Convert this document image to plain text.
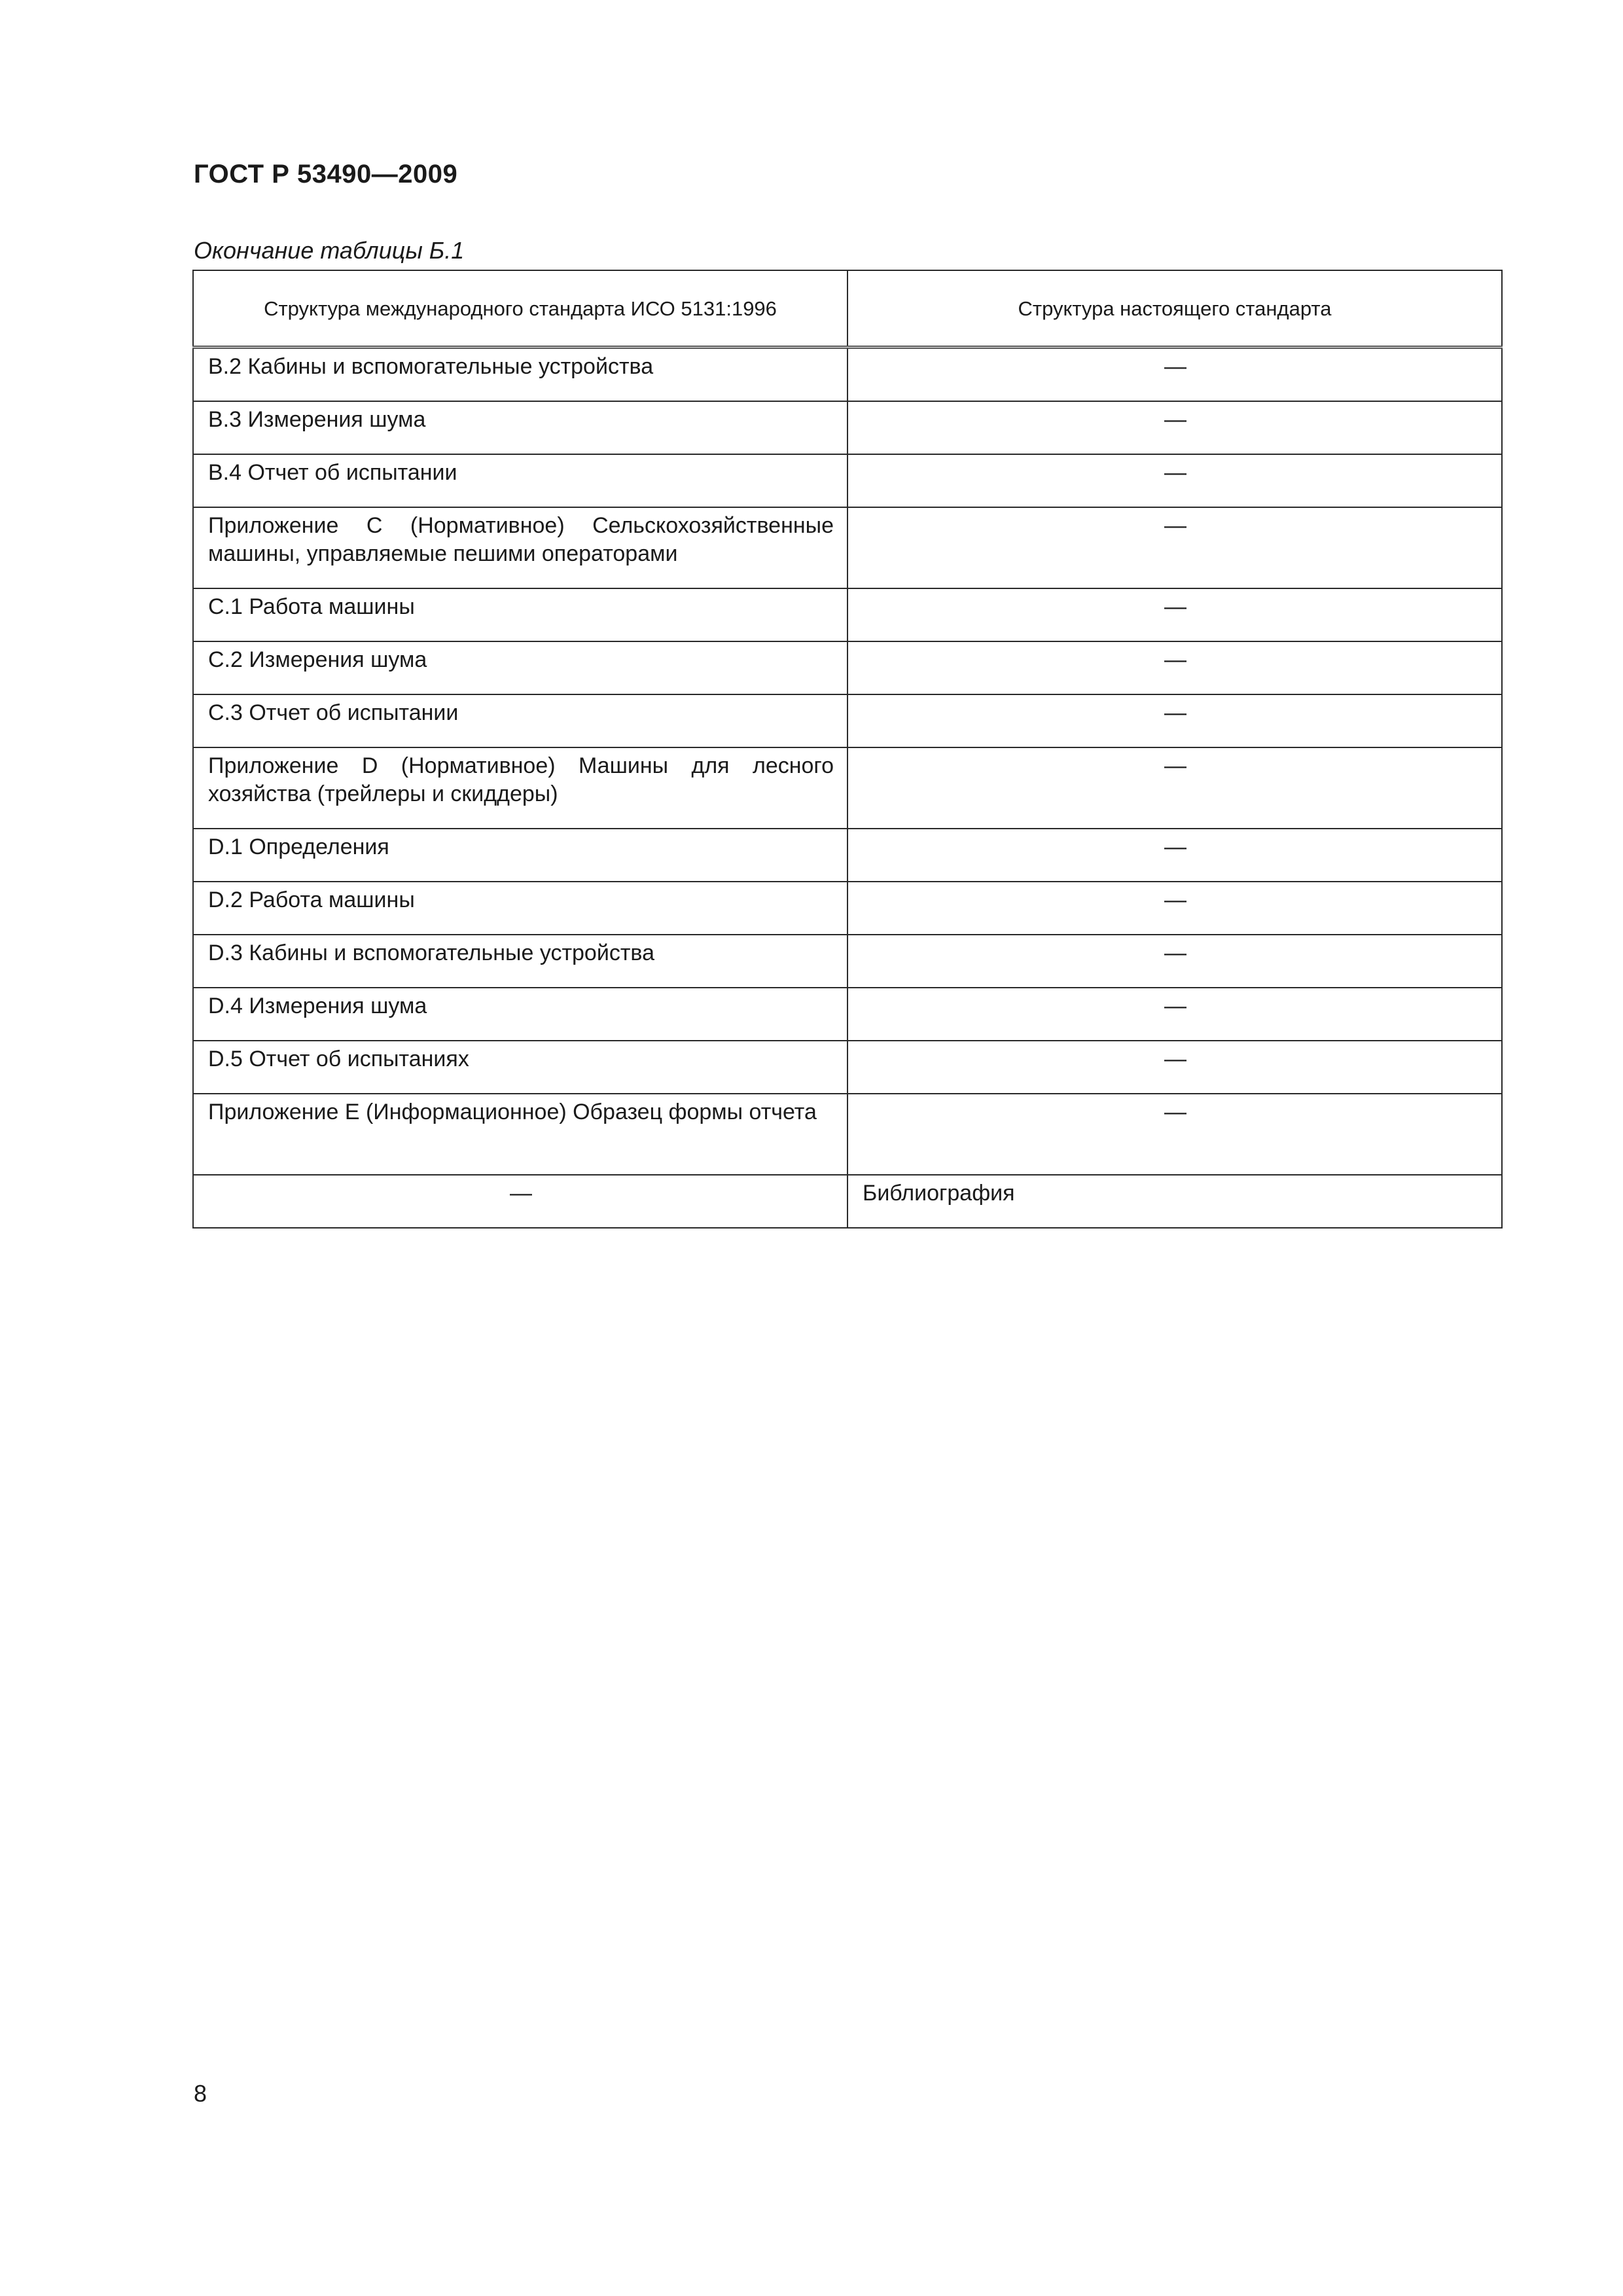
ГОСТ Р 53490—2009
Окончание таблицы Б.1
Структура международного стандарта ИСО 5131:1996	Структура настоящего стандарта
B.2 Кабины и вспомогательные устройства	—
B.3 Измерения шума	—
B.4 Отчет об испытании	—
Приложение C (Нормативное) Сельскохозяйственные машины, управляемые пешими операторами	—
C.1 Работа машины	—
C.2 Измерения шума	—
C.3 Отчет об испытании	—
Приложение D (Нормативное) Машины для лесного хозяйства (трейлеры и скиддеры)	—
D.1 Определения	—
D.2 Работа машины	—
D.3 Кабины и вспомогательные устройства	—
D.4 Измерения шума	—
D.5 Отчет об испытаниях	—
Приложение E (Информационное) Образец формы отчета	—
—	Библиография
8
